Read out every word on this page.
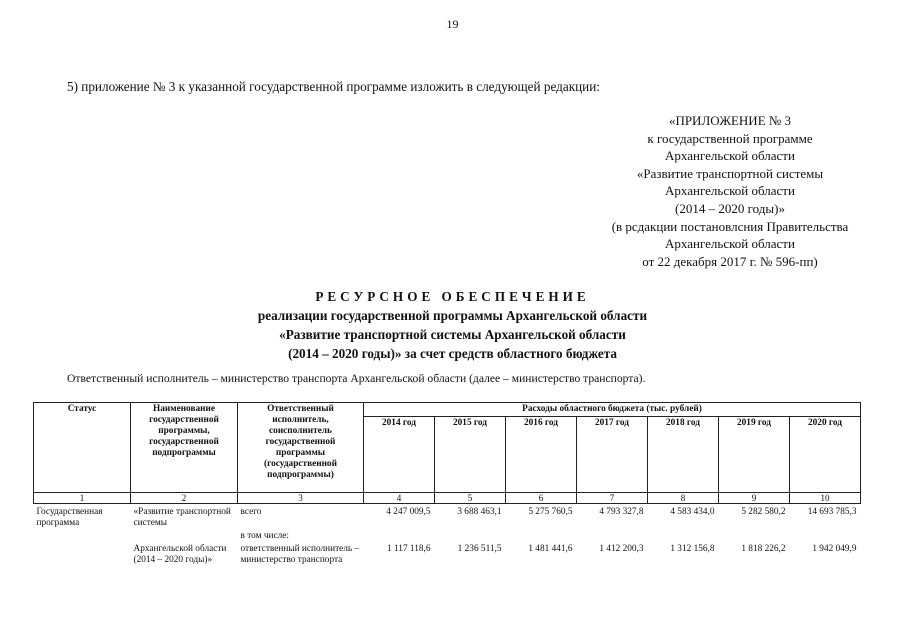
19
5) приложение № 3 к указанной государственной программе изложить в следующей редакции:
«ПРИЛОЖЕНИЕ № 3
к государственной программе
Архангельской области
«Развитие транспортной системы
Архангельской области
(2014 – 2020 годы)»
(в рсдакции постановлсния Правительства
Архангельской области
от 22 декабря 2017 г. № 596-пп)
РЕСУРСНОЕ ОБЕСПЕЧЕНИЕ
реализации государственной программы Архангельской области
«Развитие транспортной системы Архангельской области
(2014 – 2020 годы)» за счет средств областного бюджета
Ответственный исполнитель – министерство транспорта Архангельской области (далее – министерство транспорта).
Статус	Наименование государственной программы, государственной подпрограммы	Ответственный исполнитель, соисполнитель государственной программы (государственной подпрограммы)	Расходы областного бюджета (тыс. рублей)						
			2014 год	2015 год	2016 год	2017 год	2018 год	2019 год	2020 год
1	2	3	4	5	6	7	8	9	10
Государственная программа	«Развитие транспортной системы	всего	4 247 009,5	3 688 463,1	5 275 760,5	4 793 327,8	4 583 434,0	5 282 580,2	14 693 785,3
		в том числе:							
	Архангельской области (2014 – 2020 годы)»	ответственный исполнитель – министерство транспорта	1 117 118,6	1 236 511,5	1 481 441,6	1 412 200,3	1 312 156,8	1 818 226,2	1 942 049,9
